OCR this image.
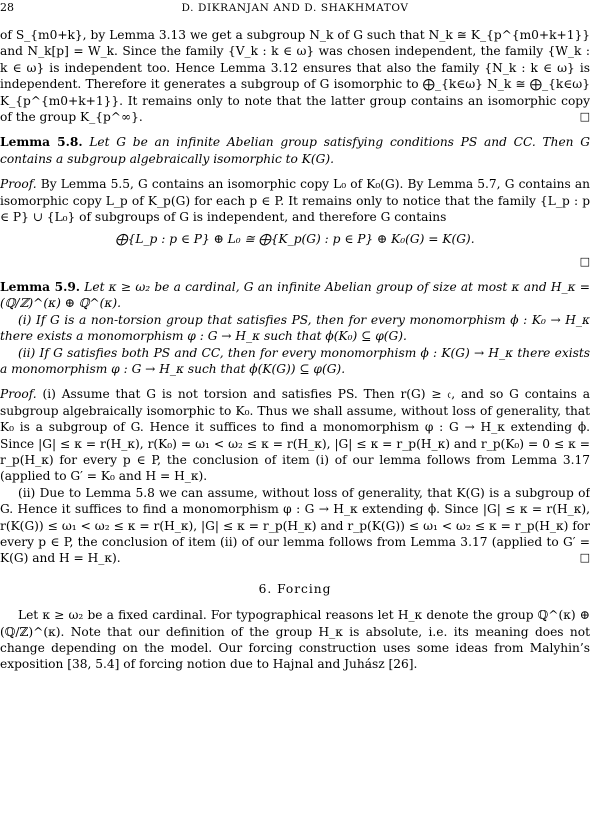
28	D. DIKRANJAN AND D. SHAKHMATOV

of S_{m0+k}, by Lemma 3.13 we get a subgroup N_k of G such that N_k ≅ K_{p^{m0+k+1}} and N_k[p] = W_k. Since the family {V_k : k ∈ ω} was chosen independent, the family {W_k : k ∈ ω} is independent too. Hence Lemma 3.12 ensures that also the family {N_k : k ∈ ω} is independent. Therefore it generates a subgroup of G isomorphic to ⨁_{k∈ω} N_k ≅ ⨁_{k∈ω} K_{p^{m0+k+1}}. It remains only to note that the latter group contains an isomorphic copy of the group K_{p^∞}.	□

Lemma 5.8. Let G be an infinite Abelian group satisfying conditions PS and CC. Then G contains a subgroup algebraically isomorphic to K(G).

Proof. By Lemma 5.5, G contains an isomorphic copy L₀ of K₀(G). By Lemma 5.7, G contains an isomorphic copy L_p of K_p(G) for each p ∈ P. It remains only to notice that the family {L_p : p ∈ P} ∪ {L₀} of subgroups of G is independent, and therefore G contains

⨁{L_p : p ∈ P} ⊕ L₀ ≅ ⨁{K_p(G) : p ∈ P} ⊕ K₀(G) = K(G).
□

Lemma 5.9. Let κ ≥ ω₂ be a cardinal, G an infinite Abelian group of size at most κ and H_κ = (ℚ/ℤ)^(κ) ⊕ ℚ^(κ).

(i) If G is a non-torsion group that satisfies PS, then for every monomorphism ϕ : K₀ → H_κ there exists a monomorphism φ : G → H_κ such that ϕ(K₀) ⊆ φ(G).

(ii) If G satisfies both PS and CC, then for every monomorphism ϕ : K(G) → H_κ there exists a monomorphism φ : G → H_κ such that ϕ(K(G)) ⊆ φ(G).

Proof. (i) Assume that G is not torsion and satisfies PS. Then r(G) ≥ 𝔠, and so G contains a subgroup algebraically isomorphic to K₀. Thus we shall assume, without loss of generality, that K₀ is a subgroup of G. Hence it suffices to find a monomorphism φ : G → H_κ extending ϕ. Since |G| ≤ κ = r(H_κ), r(K₀) = ω₁ < ω₂ ≤ κ = r(H_κ), |G| ≤ κ = r_p(H_κ) and r_p(K₀) = 0 ≤ κ = r_p(H_κ) for every p ∈ P, the conclusion of item (i) of our lemma follows from Lemma 3.17 (applied to G′ = K₀ and H = H_κ).

(ii) Due to Lemma 5.8 we can assume, without loss of generality, that K(G) is a subgroup of G. Hence it suffices to find a monomorphism φ : G → H_κ extending ϕ. Since |G| ≤ κ = r(H_κ), r(K(G)) ≤ ω₁ < ω₂ ≤ κ = r(H_κ), |G| ≤ κ = r_p(H_κ) and r_p(K(G)) ≤ ω₁ < ω₂ ≤ κ = r_p(H_κ) for every p ∈ P, the conclusion of item (ii) of our lemma follows from Lemma 3.17 (applied to G′ = K(G) and H = H_κ).	□

6. Forcing

Let κ ≥ ω₂ be a fixed cardinal. For typographical reasons let H_κ denote the group ℚ^(κ) ⊕ (ℚ/ℤ)^(κ). Note that our definition of the group H_κ is absolute, i.e. its meaning does not change depending on the model. Our forcing construction uses some ideas from Malyhin’s exposition [38, 5.4] of forcing notion due to Hajnal and Juhász [26].
